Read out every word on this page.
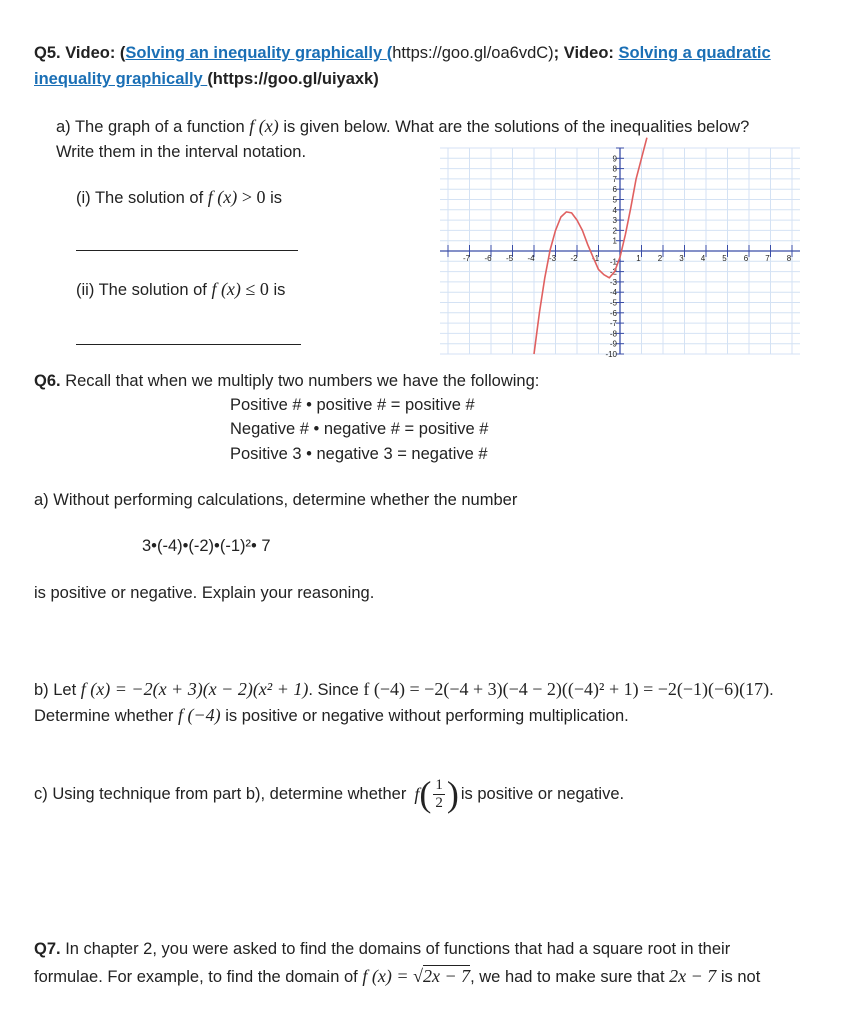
Q5. Video: (Solving an inequality graphically (https://goo.gl/oa6vdC); Video: Solving a quadratic
inequality graphically (https://goo.gl/uiyaxk)
a) The graph of a function f (x) is given below. What are the solutions of the inequalities below?
Write them in the interval notation.
(i) The solution of f (x) > 0 is
(ii) The solution of f (x) ≤ 0 is
-7 -6 -5 -4 -3 -2 -1	1 2 3 4 5 6 7 8
9
8
7
6
5
4
3
2
1
-1
-2
-3
-4
-5
-6
-7
-8
-9
-10
Q6. Recall that when we multiply two numbers we have the following:
Positive # • positive # = positive #
Negative # • negative # = positive #
Positive 3 • negative 3 = negative #
a) Without performing calculations, determine whether the number
3•(-4)•(-2)•(-1)²• 7
is positive or negative. Explain your reasoning.
b) Let f (x) = −2(x + 3)(x − 2)(x² + 1). Since f (−4) = −2(−4 + 3)(−4 − 2)((−4)² + 1) = −2(−1)(−6)(17).
Determine whether f (−4) is positive or negative without performing multiplication.
c) Using technique from part b), determine whether f ( $\frac{1}{2}$ ) is positive or negative.
Q7. In chapter 2, you were asked to find the domains of functions that had a square root in their
formulae. For example, to find the domain of f (x) = √2x − 7, we had to make sure that 2x − 7 is not
